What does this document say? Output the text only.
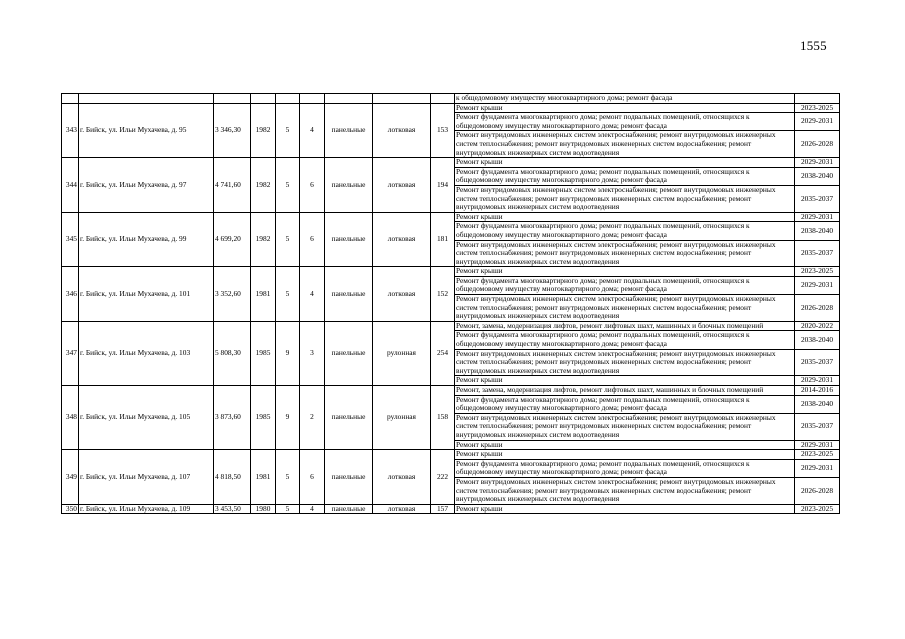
1555
									к общедомовому имуществу многоквартирного дома; ремонт фасада	
343	г. Бийск, ул. Ильи Мухачева, д. 95	3 346,30	1982	5	4	панельные	лотковая	153	Ремонт крыши	2023-2025
									Ремонт фундамента многоквартирного дома; ремонт подвальных помещений, относящихся к общедомовому имуществу многоквартирного дома; ремонт фасада	2029-2031
									Ремонт внутридомовых инженерных систем электроснабжения; ремонт внутридомовых инженерных систем теплоснабжения; ремонт внутридомовых инженерных систем водоснабжения; ремонт внутридомовых инженерных систем водоотведения	2026-2028
344	г. Бийск, ул. Ильи Мухачева, д. 97	4 741,60	1982	5	6	панельные	лотковая	194	Ремонт крыши	2029-2031
									Ремонт фундамента многоквартирного дома; ремонт подвальных помещений, относящихся к общедомовому имуществу многоквартирного дома; ремонт фасада	2038-2040
									Ремонт внутридомовых инженерных систем электроснабжения; ремонт внутридомовых инженерных систем теплоснабжения; ремонт внутридомовых инженерных систем водоснабжения; ремонт внутридомовых инженерных систем водоотведения	2035-2037
345	г. Бийск, ул. Ильи Мухачева, д. 99	4 699,20	1982	5	6	панельные	лотковая	181	Ремонт крыши	2029-2031
									Ремонт фундамента многоквартирного дома; ремонт подвальных помещений, относящихся к общедомовому имуществу многоквартирного дома; ремонт фасада	2038-2040
									Ремонт внутридомовых инженерных систем электроснабжения; ремонт внутридомовых инженерных систем теплоснабжения; ремонт внутридомовых инженерных систем водоснабжения; ремонт внутридомовых инженерных систем водоотведения	2035-2037
346	г. Бийск, ул. Ильи Мухачева, д. 101	3 352,60	1981	5	4	панельные	лотковая	152	Ремонт крыши	2023-2025
									Ремонт фундамента многоквартирного дома; ремонт подвальных помещений, относящихся к общедомовому имуществу многоквартирного дома; ремонт фасада	2029-2031
									Ремонт внутридомовых инженерных систем электроснабжения; ремонт внутридомовых инженерных систем теплоснабжения; ремонт внутридомовых инженерных систем водоснабжения; ремонт внутридомовых инженерных систем водоотведения	2026-2028
347	г. Бийск, ул. Ильи Мухачева, д. 103	5 808,30	1985	9	3	панельные	рулонная	254	Ремонт, замена, модернизация лифтов, ремонт лифтовых шахт, машинных и блочных помещений	2020-2022
									Ремонт фундамента многоквартирного дома; ремонт подвальных помещений, относящихся к общедомовому имуществу многоквартирного дома; ремонт фасада	2038-2040
									Ремонт внутридомовых инженерных систем электроснабжения; ремонт внутридомовых инженерных систем теплоснабжения; ремонт внутридомовых инженерных систем водоснабжения; ремонт внутридомовых инженерных систем водоотведения	2035-2037
									Ремонт крыши	2029-2031
348	г. Бийск, ул. Ильи Мухачева, д. 105	3 873,60	1985	9	2	панельные	рулонная	158	Ремонт, замена, модернизация лифтов, ремонт лифтовых шахт, машинных и блочных помещений	2014-2016
									Ремонт фундамента многоквартирного дома; ремонт подвальных помещений, относящихся к общедомовому имуществу многоквартирного дома; ремонт фасада	2038-2040
									Ремонт внутридомовых инженерных систем электроснабжения; ремонт внутридомовых инженерных систем теплоснабжения; ремонт внутридомовых инженерных систем водоснабжения; ремонт внутридомовых инженерных систем водоотведения	2035-2037
									Ремонт крыши	2029-2031
349	г. Бийск, ул. Ильи Мухачева, д. 107	4 818,50	1981	5	6	панельные	лотковая	222	Ремонт крыши	2023-2025
									Ремонт фундамента многоквартирного дома; ремонт подвальных помещений, относящихся к общедомовому имуществу многоквартирного дома; ремонт фасада	2029-2031
									Ремонт внутридомовых инженерных систем электроснабжения; ремонт внутридомовых инженерных систем теплоснабжения; ремонт внутридомовых инженерных систем водоснабжения; ремонт внутридомовых инженерных систем водоотведения	2026-2028
350	г. Бийск, ул. Ильи Мухачева, д. 109	3 453,50	1980	5	4	панельные	лотковая	157	Ремонт крыши	2023-2025
